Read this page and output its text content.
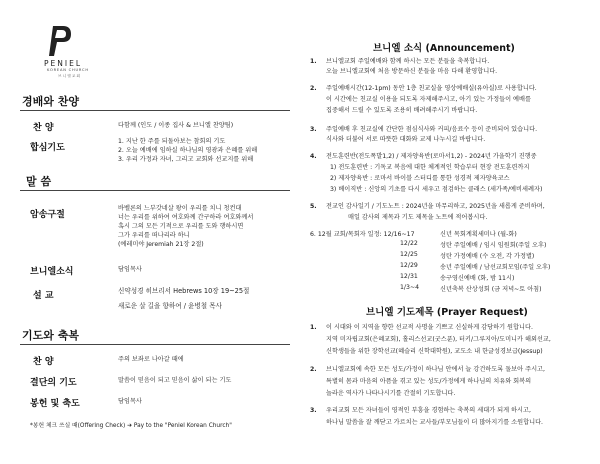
PENIEL
KOREAN CHURCH
브 니 엘 교 회
경배와 찬양
찬 양	다함께 (인도 / 이종 집사 & 브니엘 찬양팀)
합심기도
1. 지난 한 주를 되돌아보는 참회의 기도
2. 오늘 예배에 임하실 하나님의 영광과 은혜를 위해
3. 우리 가정과 자녀, 그리고 교회와 선교지를 위해
말 씀
암송구절
바벨론의 느부갓네살 왕이 우리를 치니 청컨대
너는 우리를 위하여 여호와께 간구하라 여호와께서
혹시 그의 모든 기적으로 우리를 도와 행하시면
그가 우리를 떠나리라 하니
(예레미야 Jeremiah 21장 2절)
브니엘소식	담임목사
설 교	신약성경 히브리서 Hebrews 10장 19~25절
새로운 살 길을 향하여 / 윤병철 목사
기도와 축복
찬 양	주의 보좌로 나아갈 때에
결단의 기도	말씀이 믿음이 되고 믿음이 삶이 되는 기도
봉헌 및 축도	담임목사
*봉헌 체크 쓰실 때(Offering Check) ➔ Pay to the "Peniel Korean Church"
브니엘 소식 (Announcement)
1. 브니엘교회 주일예배와 함께 하시는 모든 분들을 축복합니다.
오늘 브니엘교회에 처음 방문하신 분들을 마음 다해 환영합니다.
2. 주일예배시간(12-1pm) 동안 1층 친교실을 영상예배실(유아실)로 사용합니다.
이 시간에는 친교실 이용을 되도록 자제해주시고, 아기 있는 가정들이 예배를
집중해서 드릴 수 있도록 조용히 배려해주시기 바랍니다.
3. 주일예배 후 친교실에 간단한 점심식사와 커피/음료수 등이 준비되어 있습니다.
식사와 더불어 서로 따뜻한 대화와 교제 나누시길 바랍니다.
4. 전도훈련반(전도폭발1,2) / 제자양육반(로마서1,2) - 2024년 가을학기 진행중
1) 전도훈련반 : 기독교 복음에 대한 체계적인 학습부터 현장 전도훈련까지
2) 제자양육반 : 로마서 바이블 스터디를 통한 성경적 제자양육코스
3) 베이직반 : 신앙의 기초를 다시 세우고 점검하는 클래스 (세가족/예비세례자)
5. 전교인 감사일기 / 기도노트 : 2024년을 마무리하고, 2025년을 새롭게 준비하며,
매일 감사의 제목과 기도 제목을 노트에 적어봅시다.
6. 12월 교회/목회자 일정: 12/16~17	신년 목회계획세미나 (월-화)
12/22	성탄 주일예배 / 임시 임원회(주일 오후)
12/25	성탄 가정예배 (수 오전, 각 가정별)
12/29	송년 주일예배 / 남선교회모임(주일 오후)
12/31	송구영신예배 (화, 밤 11시)
1/3~4	신년축복 산상성회 (금 저녁~토 아침)
브니엘 기도제목 (Prayer Request)
1. 이 시대와 이 지역을 향한 선교적 사명을 기쁘고 신실하게 감당하기 원합니다.
지역 미자립교회(은혜교회), 홀리스선교(굿스푼), 터키/그루지아/도미니카 해외선교,
신학생들을 위한 장학선교(혜슬리 신학대학원), 교도소 내 한글성경보급(Jessup)
2. 브니엘교회에 속한 모든 성도/가정이 하나님 안에서 늘 강건하도록 돌보아 주시고,
특별히 몸과 마음의 아픔을 겪고 있는 성도/가정에게 하나님의 치유와 회복의
놀라운 역사가 나타나시기를 간절히 기도합니다.
3. 우리교회 모든 자녀들이 영적인 부흥을 경험하는 축복의 세대가 되게 하시고,
하나님 말씀을 잘 깨닫고 가르치는 교사들/부모님들이 더 많아지기를 소원합니다.
